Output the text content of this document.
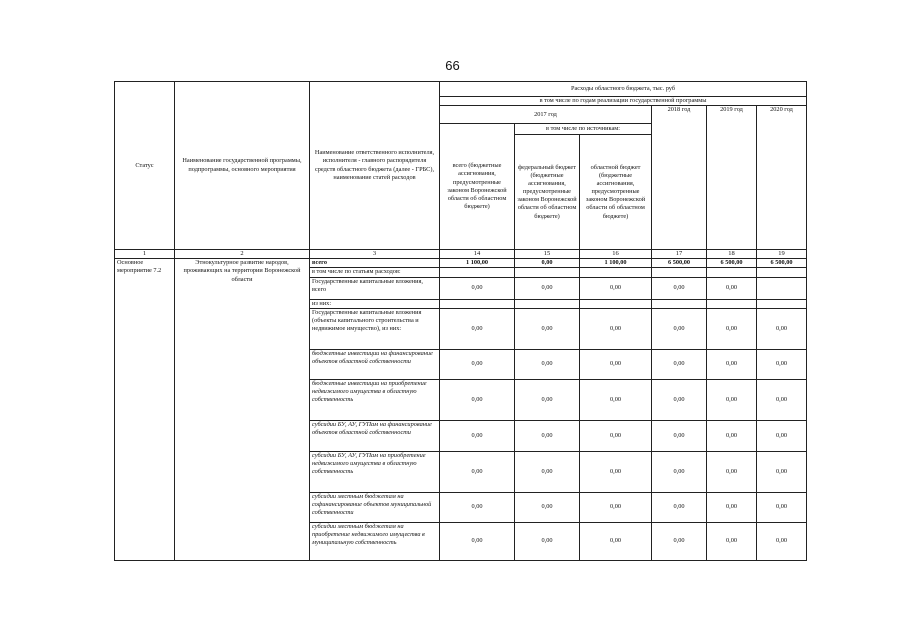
66
Статус	Наименование государственной программы, подпрограммы, основного мероприятия	Наименование ответственного исполнителя, исполнителя - главного распорядителя средств областного бюджета (далее - ГРБС), наименование статей расходов	Расходы областного бюджета, тыс. руб					
			в том числе по годам реализации государственной программы					
			2017 год			2018 год	2019 год	2020 год
			всего (бюджетные ассигнования, предусмотренные законом Воронежской области об областном бюджете)	в том числе по источникам:				
				федеральный бюджет (бюджетные ассигнования, предусмотренные законом Воронежской области об областном бюджете)	областной бюджет (бюджетные ассигнования, предусмотренные законом Воронежской области об областном бюджете)			
1	2	3	14	15	16	17	18	19
Основное мероприятие 7.2	Этнокультурное развитие народов, проживающих на территории Воронежской области	всего	1 100,00	0,00	1 100,00	6 500,00	6 500,00	6 500,00
		в том числе по статьям расходов:						
		Государственные капитальные вложения, всего	0,00	0,00	0,00	0,00	0,00	
		из них:						
		Государственные капитальные вложения (объекты капитального строительства и недвижимое имущество), из них:	0,00	0,00	0,00	0,00	0,00	0,00
		бюджетные инвестиции на финансирование объектов областной собственности	0,00	0,00	0,00	0,00	0,00	0,00
		бюджетные инвестиции на приобретение недвижимого имущества в областную собственность	0,00	0,00	0,00	0,00	0,00	0,00
		субсидии БУ, АУ, ГУПам на финансирование объектов областной собственности	0,00	0,00	0,00	0,00	0,00	0,00
		субсидии БУ, АУ, ГУПам на приобретение недвижимого имущества в областную собственность	0,00	0,00	0,00	0,00	0,00	0,00
		субсидии местным бюджетам на софинансирование объектов муниципальной собственности	0,00	0,00	0,00	0,00	0,00	0,00
		субсидии местным бюджетам на приобретение недвижимого имущества в муниципальную собственность	0,00	0,00	0,00	0,00	0,00	0,00
